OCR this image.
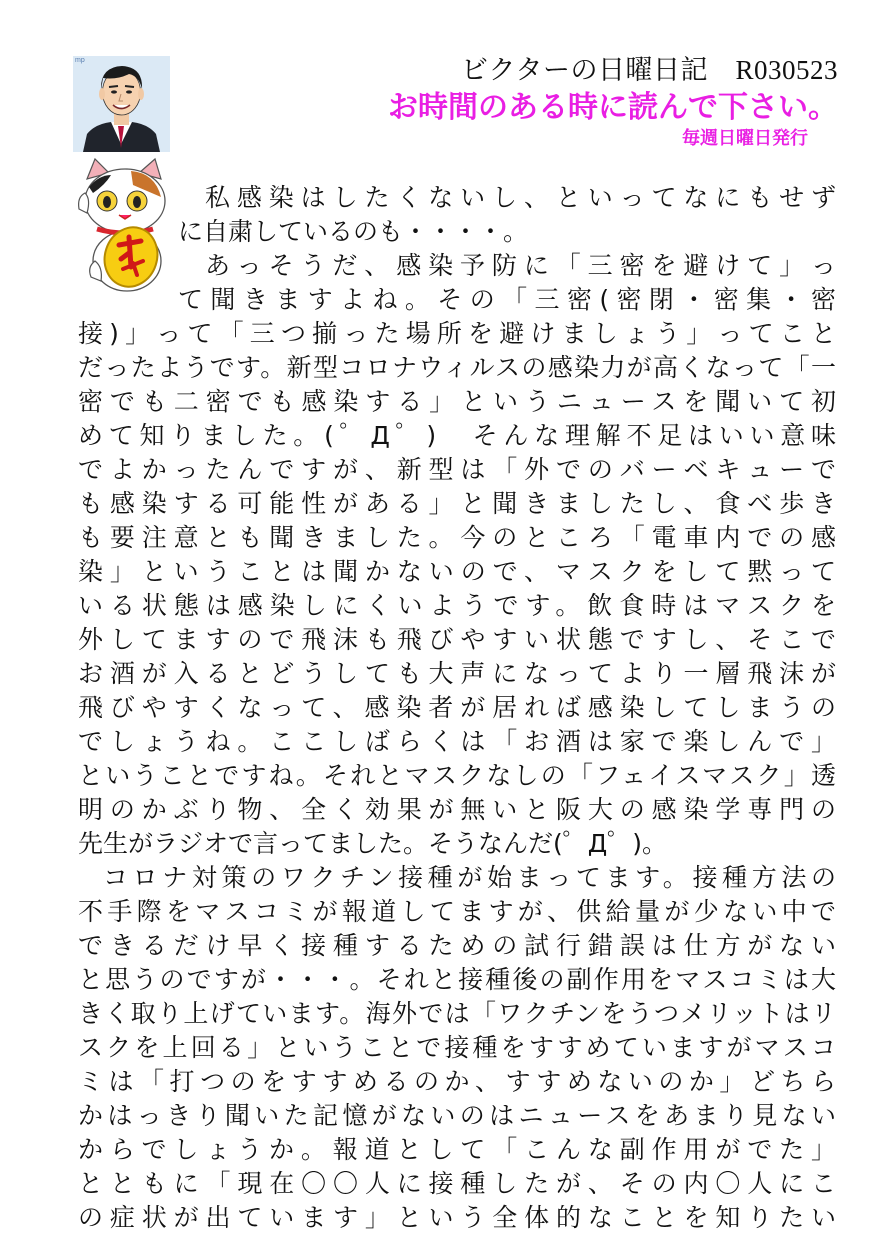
mp	ビクターの日曜日記　R030523
お時間のある時に読んで下さい。
毎週日曜日発行
私感染はしたくないし、といってなにもせず
に自粛しているのも・・・・。
あっそうだ、感染予防に「三密を避けて」っ
て聞きますよね。その「三密(密閉・密集・密
接)」って「三つ揃った場所を避けましょう」ってこと
だったようです。新型コロナウィルスの感染力が高くなって「一
密でも二密でも感染する」というニュースを聞いて初
めて知りました。(゜Д゜)　そんな理解不足はいい意味
でよかったんですが、新型は「外でのバーベキューで
も感染する可能性がある」と聞きましたし、食べ歩き
も要注意とも聞きました。今のところ「電車内での感
染」ということは聞かないので、マスクをして黙って
いる状態は感染しにくいようです。飲食時はマスクを
外してますので飛沫も飛びやすい状態ですし、そこで
お酒が入るとどうしても大声になってより一層飛沫が
飛びやすくなって、感染者が居れば感染してしまうの
でしょうね。ここしばらくは「お酒は家で楽しんで」
ということですね。それとマスクなしの「フェイスマスク」透
明のかぶり物、全く効果が無いと阪大の感染学専門の
先生がラジオで言ってました。そうなんだ(゜Д゜)。
コロナ対策のワクチン接種が始まってます。接種方法の
不手際をマスコミが報道してますが、供給量が少ない中で
できるだけ早く接種するための試行錯誤は仕方がない
と思うのですが・・・。それと接種後の副作用をマスコミは大
きく取り上げています。海外では「ワクチンをうつメリットはリ
スクを上回る」ということで接種をすすめていますがマスコ
ミは「打つのをすすめるのか、すすめないのか」どちら
かはっきり聞いた記憶がないのはニュースをあまり見ない
からでしょうか。報道として「こんな副作用がでた」
とともに「現在〇〇人に接種したが、その内〇人にこ
の症状が出ています」という全体的なことを知りたい
